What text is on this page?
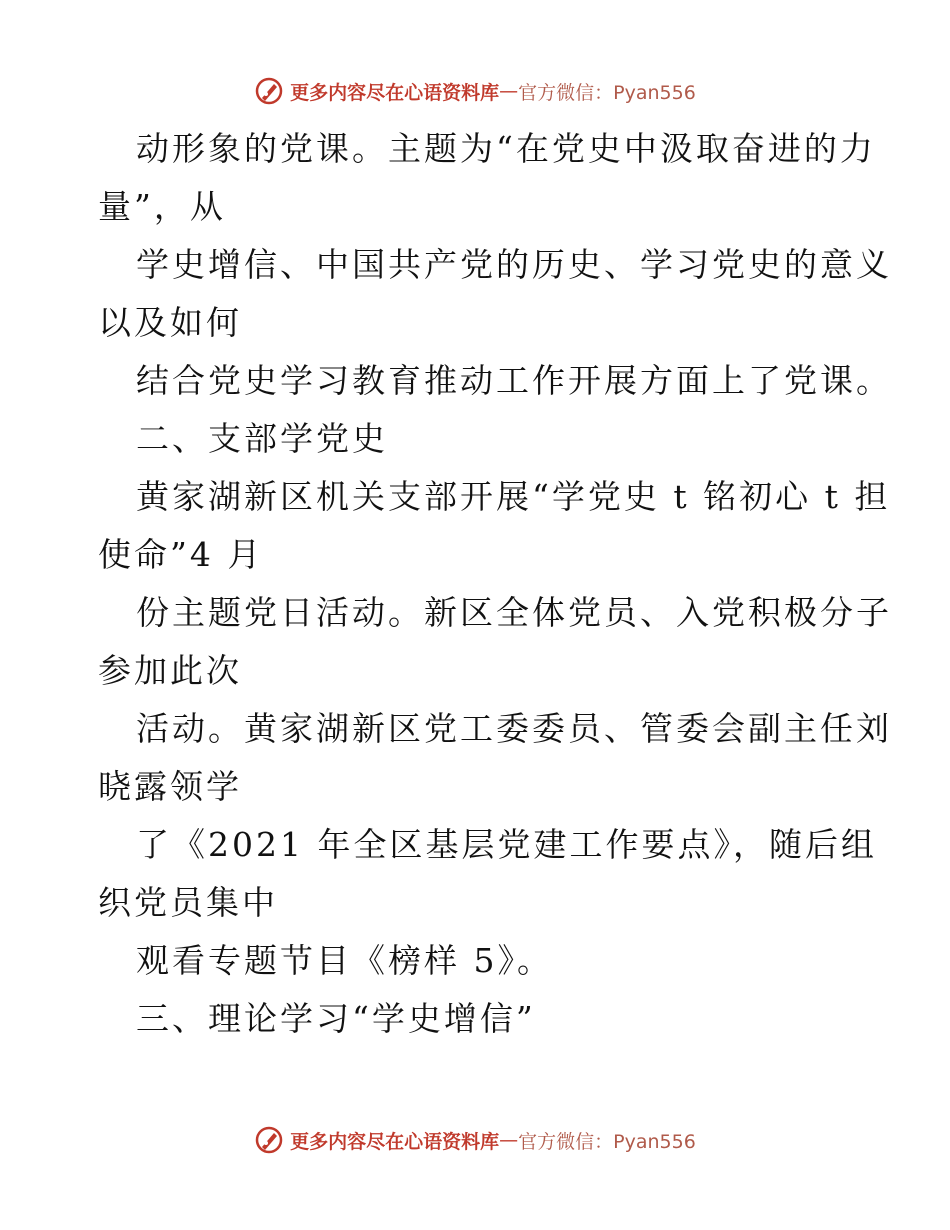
更多内容尽在心语资料库 — 官方微信：Pyan556
动形象的党课。主题为“在党史中汲取奋进的力
量”，从
学史增信、中国共产党的历史、学习党史的意义
以及如何
结合党史学习教育推动工作开展方面上了党课。
二、支部学党史
黄家湖新区机关支部开展“学党史 t 铭初心 t 担
使命”4 月
份主题党日活动。新区全体党员、入党积极分子
参加此次
活动。黄家湖新区党工委委员、管委会副主任刘
晓露领学
了《2021 年全区基层党建工作要点》，随后组
织党员集中
观看专题节目《榜样 5》。
三、理论学习“学史增信”
更多内容尽在心语资料库 — 官方微信：Pyan556
